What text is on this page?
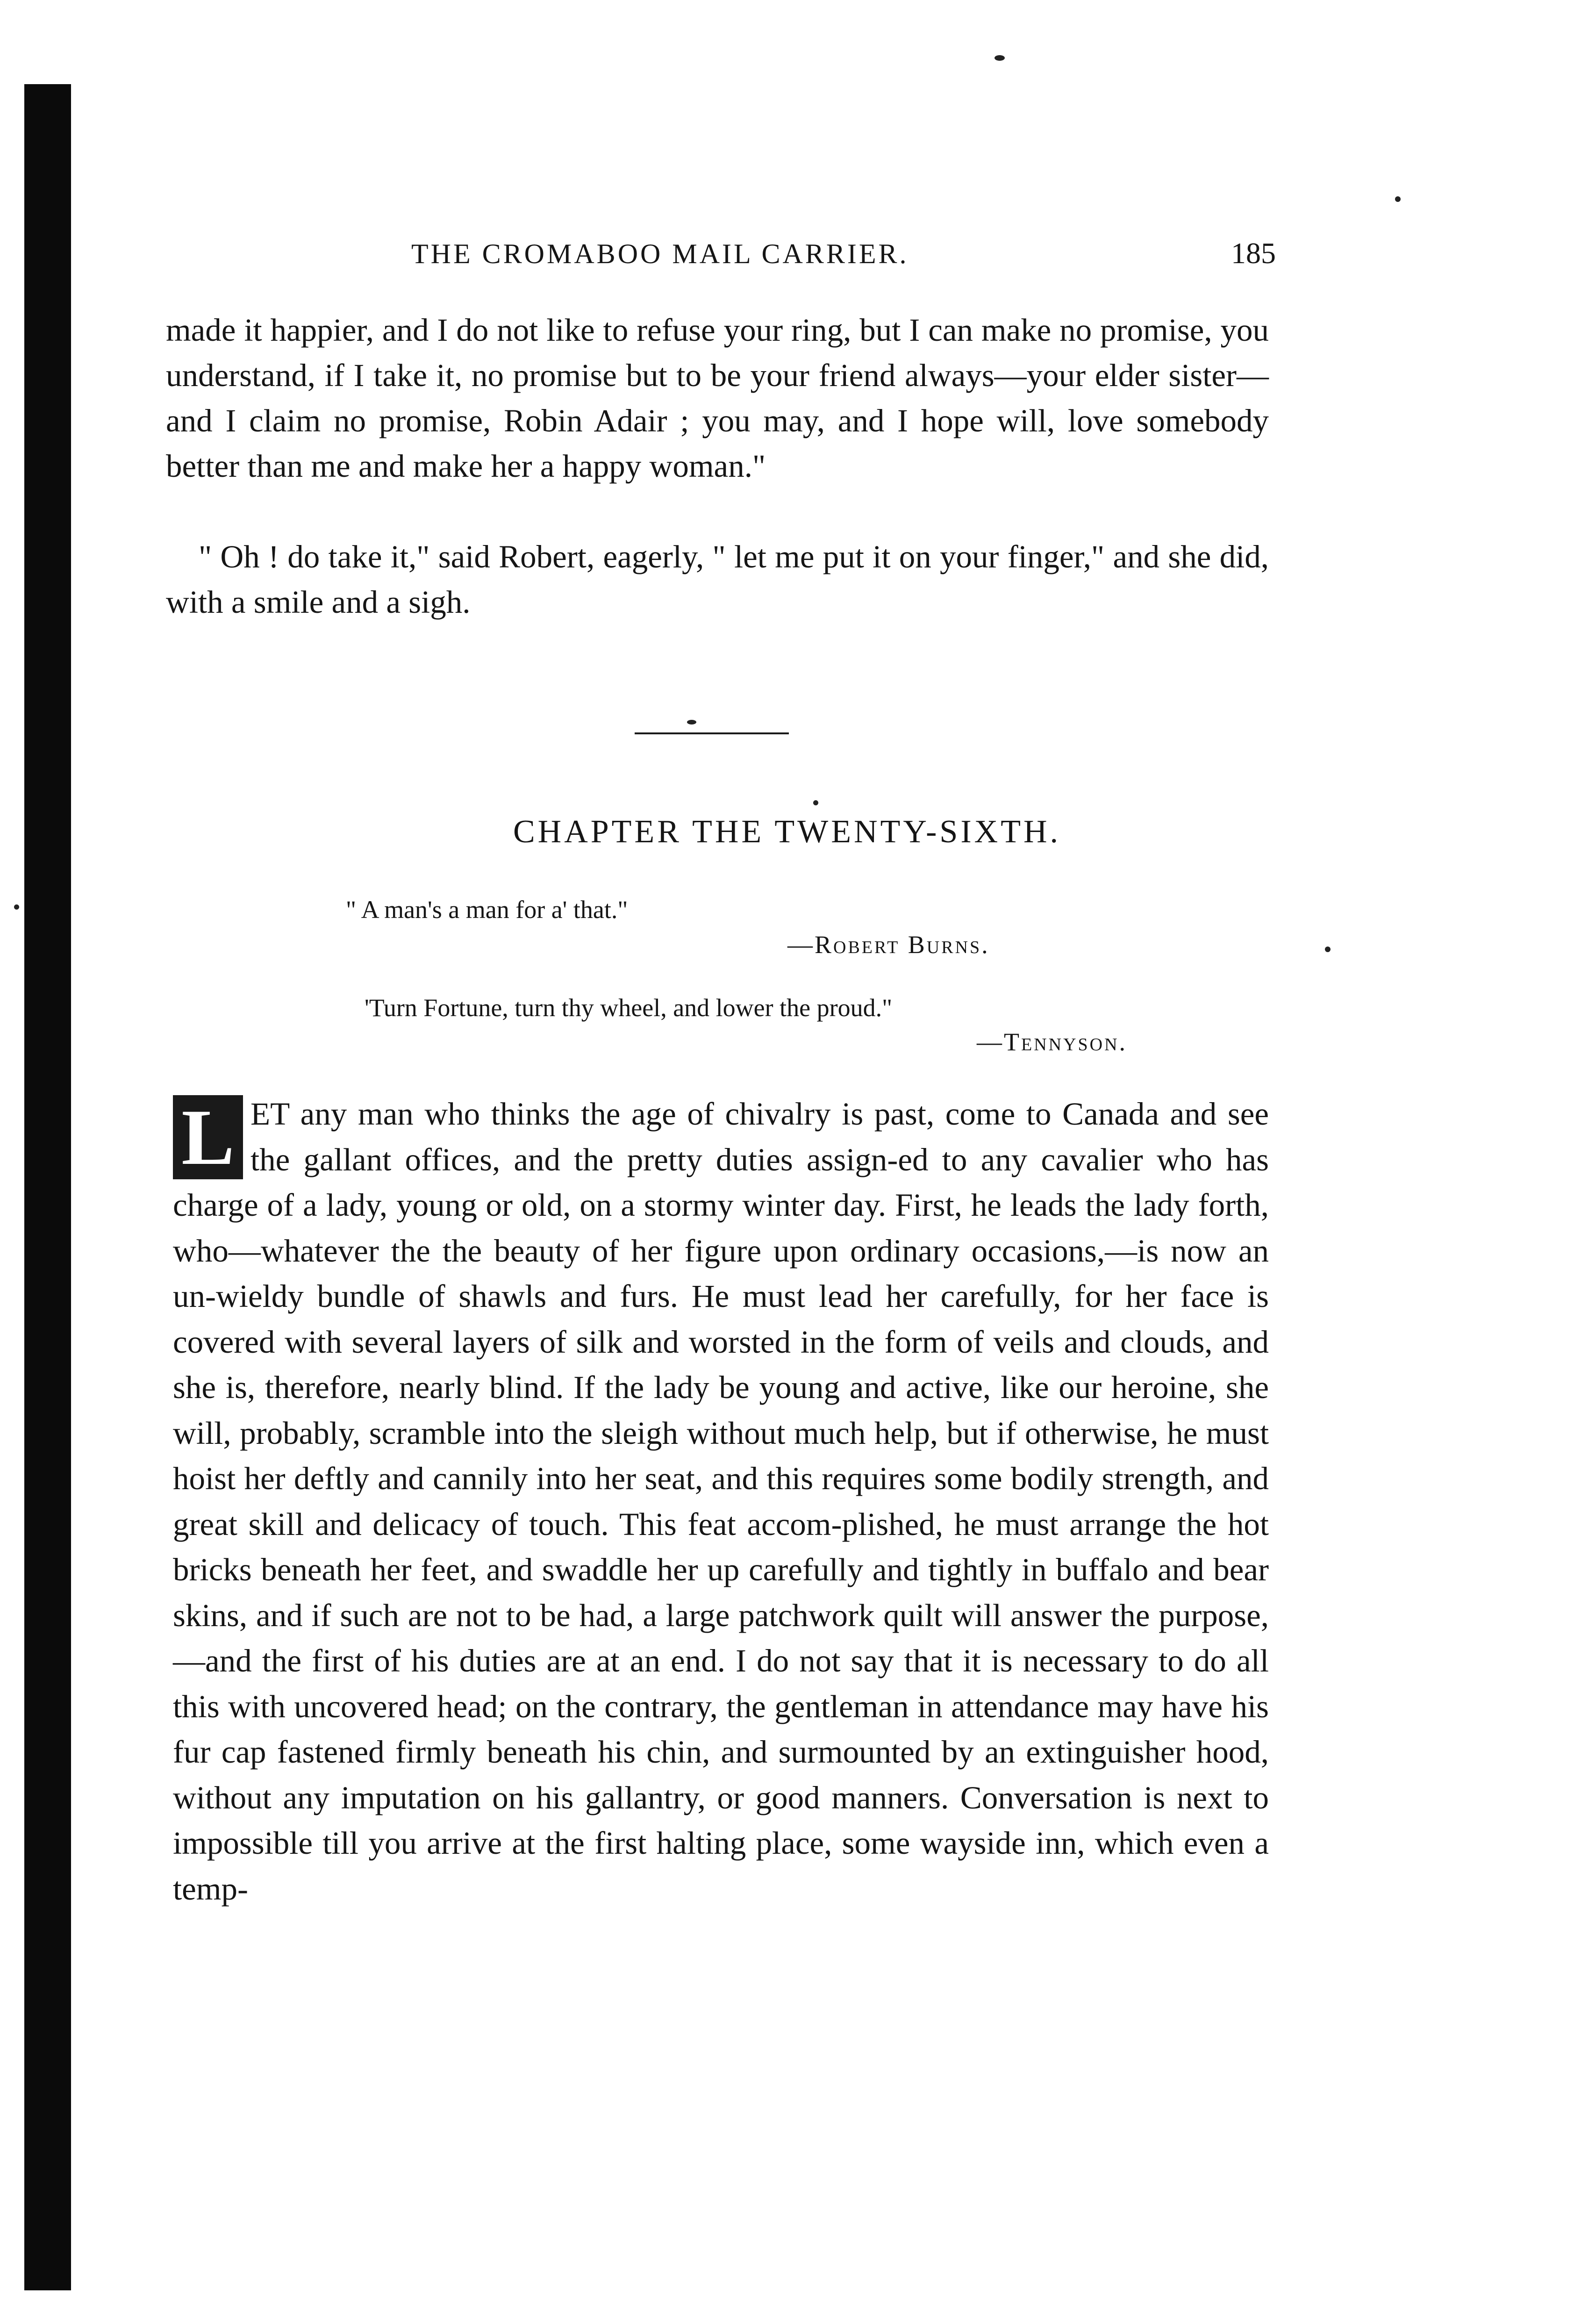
THE CROMABOO MAIL CARRIER.	185

made it happier, and I do not like to refuse your ring, but I can make no promise, you understand, if I take it, no promise but to be your friend always—your elder sister—and I claim no promise, Robin Adair ; you may, and I hope will, love somebody better than me and make her a happy woman."

" Oh ! do take it," said Robert, eagerly, " let me put it on your finger," and she did, with a smile and a sigh.

CHAPTER THE TWENTY-SIXTH.

" A man's a man for a' that."

—Robert Burns.

'Turn Fortune, turn thy wheel, and lower the proud."

—Tennyson.

L ET any man who thinks the age of chivalry is past, come to Canada and see the gallant offices, and the pretty duties assign-ed to any cavalier who has charge of a lady, young or old, on a stormy winter day. First, he leads the lady forth, who—whatever the the beauty of her figure upon ordinary occasions,—is now an un-wieldy bundle of shawls and furs. He must lead her carefully, for her face is covered with several layers of silk and worsted in the form of veils and clouds, and she is, therefore, nearly blind. If the lady be young and active, like our heroine, she will, probably, scramble into the sleigh without much help, but if otherwise, he must hoist her deftly and cannily into her seat, and this requires some bodily strength, and great skill and delicacy of touch. This feat accom-plished, he must arrange the hot bricks beneath her feet, and swaddle her up carefully and tightly in buffalo and bear skins, and if such are not to be had, a large patchwork quilt will answer the purpose,—and the first of his duties are at an end. I do not say that it is necessary to do all this with uncovered head; on the contrary, the gentleman in attendance may have his fur cap fastened firmly beneath his chin, and surmounted by an extinguisher hood, without any imputation on his gallantry, or good manners. Conversation is next to impossible till you arrive at the first halting place, some wayside inn, which even a temp-
